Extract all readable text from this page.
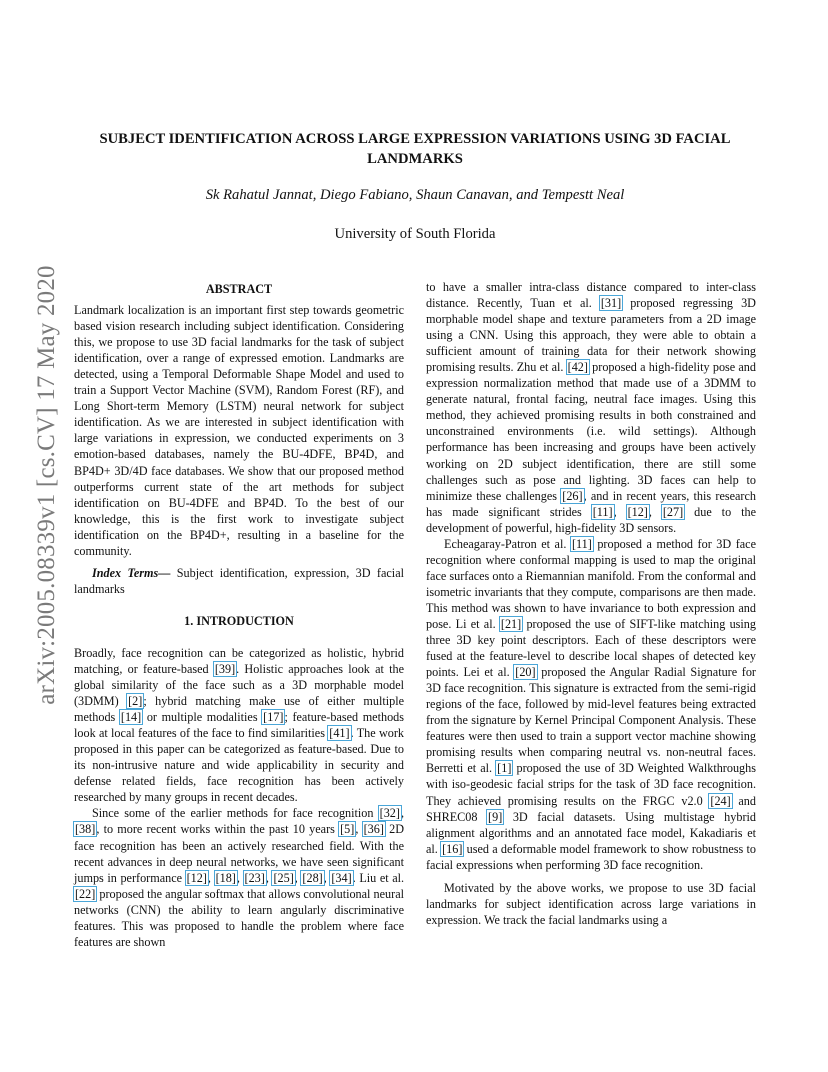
arXiv:2005.08339v1 [cs.CV] 17 May 2020
SUBJECT IDENTIFICATION ACROSS LARGE EXPRESSION VARIATIONS USING 3D FACIAL LANDMARKS
Sk Rahatul Jannat, Diego Fabiano, Shaun Canavan, and Tempestt Neal
University of South Florida
ABSTRACT

Landmark localization is an important first step towards geometric based vision research including subject identification. Considering this, we propose to use 3D facial landmarks for the task of subject identification, over a range of expressed emotion. Landmarks are detected, using a Temporal Deformable Shape Model and used to train a Support Vector Machine (SVM), Random Forest (RF), and Long Short-term Memory (LSTM) neural network for subject identification. As we are interested in subject identification with large variations in expression, we conducted experiments on 3 emotion-based databases, namely the BU-4DFE, BP4D, and BP4D+ 3D/4D face databases. We show that our proposed method outperforms current state of the art methods for subject identification on BU-4DFE and BP4D. To the best of our knowledge, this is the first work to investigate subject identification on the BP4D+, resulting in a baseline for the community.

Index Terms— Subject identification, expression, 3D facial landmarks

1. INTRODUCTION

Broadly, face recognition can be categorized as holistic, hybrid matching, or feature-based [39]. Holistic approaches look at the global similarity of the face such as a 3D morphable model (3DMM) [2]; hybrid matching make use of either multiple methods [14] or multiple modalities [17]; feature-based methods look at local features of the face to find similarities [41]. The work proposed in this paper can be categorized as feature-based. Due to its non-intrusive nature and wide applicability in security and defense related fields, face recognition has been actively researched by many groups in recent decades.

Since some of the earlier methods for face recognition [32], [38], to more recent works within the past 10 years [5], [36] 2D face recognition has been an actively researched field. With the recent advances in deep neural networks, we have seen significant jumps in performance [12], [18], [23], [25], [28], [34]. Liu et al. [22] proposed the angular softmax that allows convolutional neural networks (CNN) the ability to learn angularly discriminative features. This was proposed to handle the problem where face features are shown

to have a smaller intra-class distance compared to inter-class distance. Recently, Tuan et al. [31] proposed regressing 3D morphable model shape and texture parameters from a 2D image using a CNN. Using this approach, they were able to obtain a sufficient amount of training data for their network showing promising results. Zhu et al. [42] proposed a high-fidelity pose and expression normalization method that made use of a 3DMM to generate natural, frontal facing, neutral face images. Using this method, they achieved promising results in both constrained and unconstrained environments (i.e. wild settings). Although performance has been increasing and groups have been actively working on 2D subject identification, there are still some challenges such as pose and lighting. 3D faces can help to minimize these challenges [26], and in recent years, this research has made significant strides [11], [12], [27] due to the development of powerful, high-fidelity 3D sensors.

Echeagaray-Patron et al. [11] proposed a method for 3D face recognition where conformal mapping is used to map the original face surfaces onto a Riemannian manifold. From the conformal and isometric invariants that they compute, comparisons are then made. This method was shown to have invariance to both expression and pose. Li et al. [21] proposed the use of SIFT-like matching using three 3D key point descriptors. Each of these descriptors were fused at the feature-level to describe local shapes of detected key points. Lei et al. [20] proposed the Angular Radial Signature for 3D face recognition. This signature is extracted from the semi-rigid regions of the face, followed by mid-level features being extracted from the signature by Kernel Principal Component Analysis. These features were then used to train a support vector machine showing promising results when comparing neutral vs. non-neutral faces. Berretti et al. [1] proposed the use of 3D Weighted Walkthroughs with iso-geodesic facial strips for the task of 3D face recognition. They achieved promising results on the FRGC v2.0 [24] and SHREC08 [9] 3D facial datasets. Using multistage hybrid alignment algorithms and an annotated face model, Kakadiaris et al. [16] used a deformable model framework to show robustness to facial expressions when performing 3D face recognition.

Motivated by the above works, we propose to use 3D facial landmarks for subject identification across large variations in expression. We track the facial landmarks using a
